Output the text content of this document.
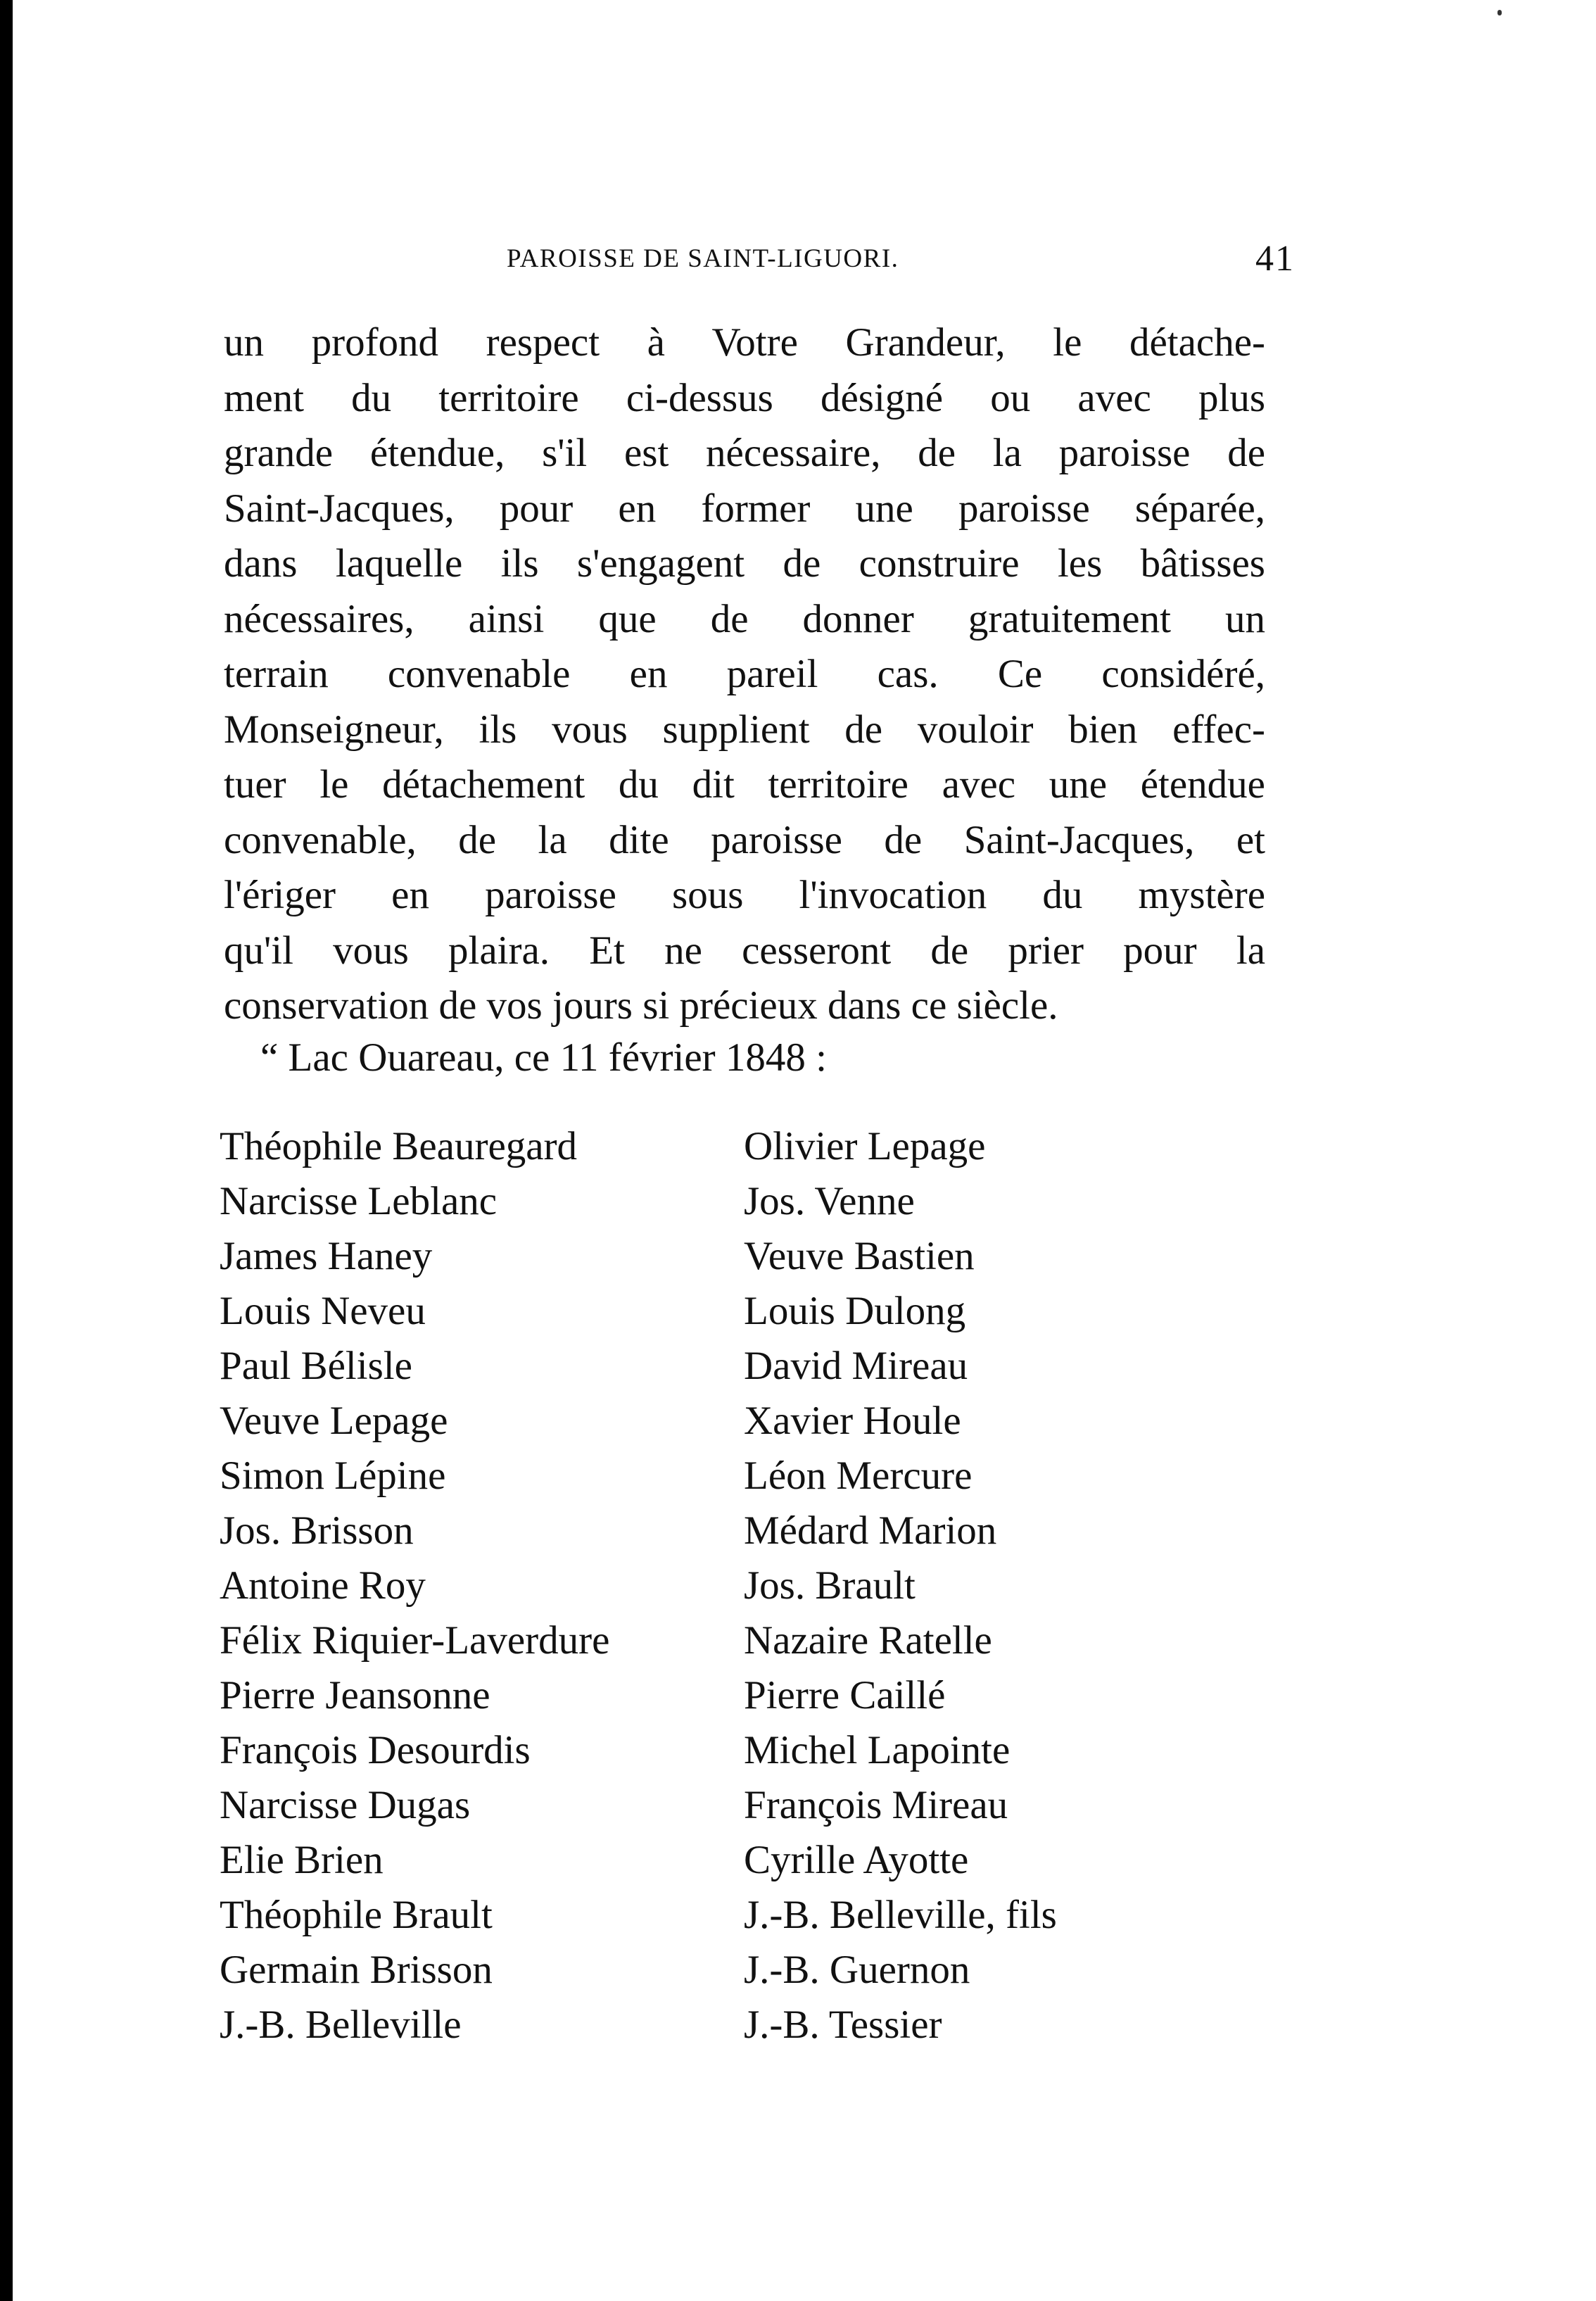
PAROISSE DE SAINT-LIGUORI.	41
un profond respect à Votre Grandeur, le détache-
ment du territoire ci-dessus désigné ou avec plus
grande étendue, s'il est nécessaire, de la paroisse de
Saint-Jacques, pour en former une paroisse séparée,
dans laquelle ils s'engagent de construire les bâtisses
nécessaires, ainsi que de donner gratuitement un
terrain convenable en pareil cas. Ce considéré,
Monseigneur, ils vous supplient de vouloir bien effec-
tuer le détachement du dit territoire avec une étendue
convenable, de la dite paroisse de Saint-Jacques, et
l'ériger en paroisse sous l'invocation du mystère
qu'il vous plaira. Et ne cesseront de prier pour la
conservation de vos jours si précieux dans ce siècle.
“ Lac Ouareau, ce 11 février 1848 :
Théophile Beauregard
Narcisse Leblanc
James Haney
Louis Neveu
Paul Bélisle
Veuve Lepage
Simon Lépine
Jos. Brisson
Antoine Roy
Félix Riquier-Laverdure
Pierre Jeansonne
François Desourdis
Narcisse Dugas
Elie Brien
Théophile Brault
Germain Brisson
J.-B. Belleville
Olivier Lepage
Jos. Venne
Veuve Bastien
Louis Dulong
David Mireau
Xavier Houle
Léon Mercure
Médard Marion
Jos. Brault
Nazaire Ratelle
Pierre Caillé
Michel Lapointe
François Mireau
Cyrille Ayotte
J.-B. Belleville, fils
J.-B. Guernon
J.-B. Tessier
